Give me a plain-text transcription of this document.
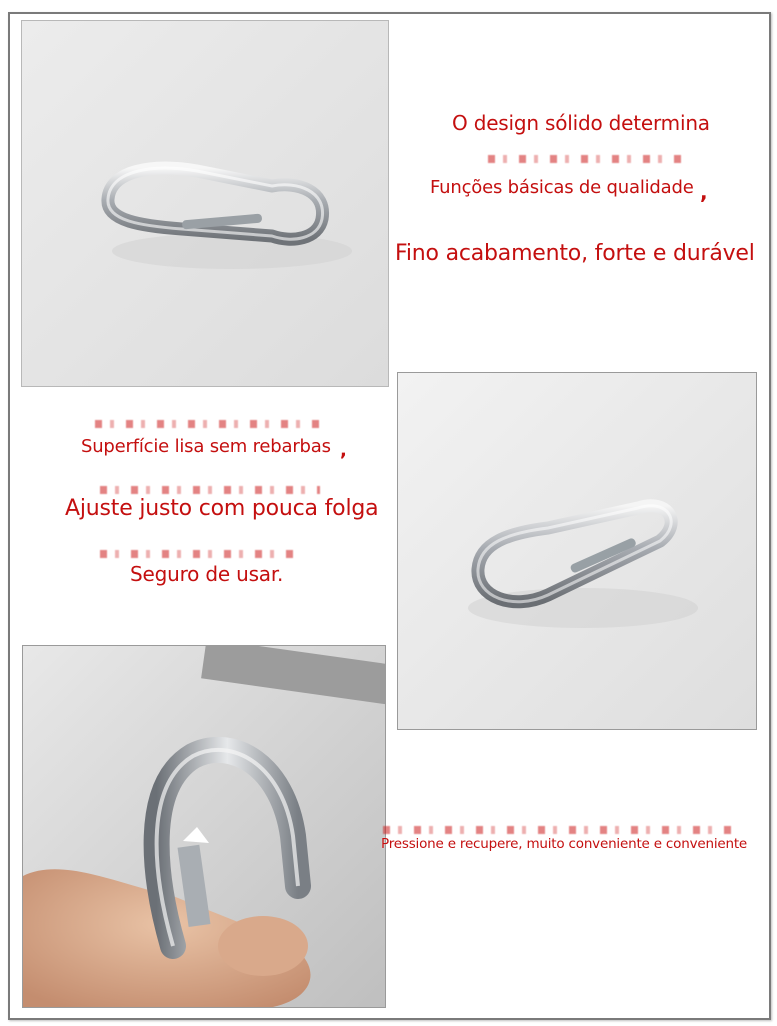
O design sólido determina
Funções básicas de qualidade ,
Fino acabamento, forte e durável
Superfície lisa sem rebarbas ,
Ajuste justo com pouca folga
Seguro de usar.
Pressione e recupere, muito conveniente e conveniente
